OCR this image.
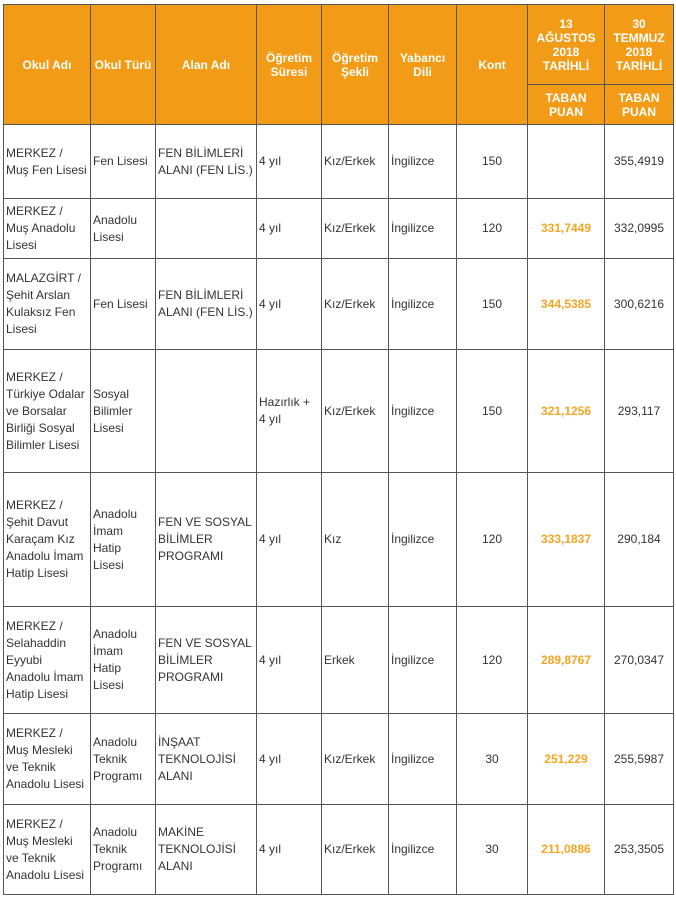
Okul Adı	Okul Türü	Alan Adı	Öğretim Süresi	Öğretim Şekli	Yabancı Dili	Kont	13 AĞUSTOS 2018 TARİHLİ	30 TEMMUZ 2018 TARİHLİ
							TABAN PUAN	TABAN PUAN
MERKEZ / Muş Fen Lisesi	Fen Lisesi	FEN BİLİMLERİ ALANI (FEN LİS.)	4 yıl	Kız/Erkek	İngilizce	150		355,4919
MERKEZ / Muş Anadolu Lisesi	Anadolu Lisesi		4 yıl	Kız/Erkek	İngilizce	120	331,7449	332,0995
MALAZGİRT / Şehit Arslan Kulaksız Fen Lisesi	Fen Lisesi	FEN BİLİMLERİ ALANI (FEN LİS.)	4 yıl	Kız/Erkek	İngilizce	150	344,5385	300,6216
MERKEZ / Türkiye Odalar ve Borsalar Birliği Sosyal Bilimler Lisesi	Sosyal Bilimler Lisesi		Hazırlık + 4 yıl	Kız/Erkek	İngilizce	150	321,1256	293,117
MERKEZ / Şehit Davut Karaçam Kız Anadolu İmam Hatip Lisesi	Anadolu İmam Hatip Lisesi	FEN VE SOSYAL BİLİMLER PROGRAMI	4 yıl	Kız	İngilizce	120	333,1837	290,184
MERKEZ / Selahaddin Eyyubi Anadolu İmam Hatip Lisesi	Anadolu İmam Hatip Lisesi	FEN VE SOSYAL BİLİMLER PROGRAMI	4 yıl	Erkek	İngilizce	120	289,8767	270,0347
MERKEZ / Muş Mesleki ve Teknik Anadolu Lisesi	Anadolu Teknik Programı	İNŞAAT TEKNOLOJİSİ ALANI	4 yıl	Kız/Erkek	İngilizce	30	251,229	255,5987
MERKEZ / Muş Mesleki ve Teknik Anadolu Lisesi	Anadolu Teknik Programı	MAKİNE TEKNOLOJİSİ ALANI	4 yıl	Kız/Erkek	İngilizce	30	211,0886	253,3505
